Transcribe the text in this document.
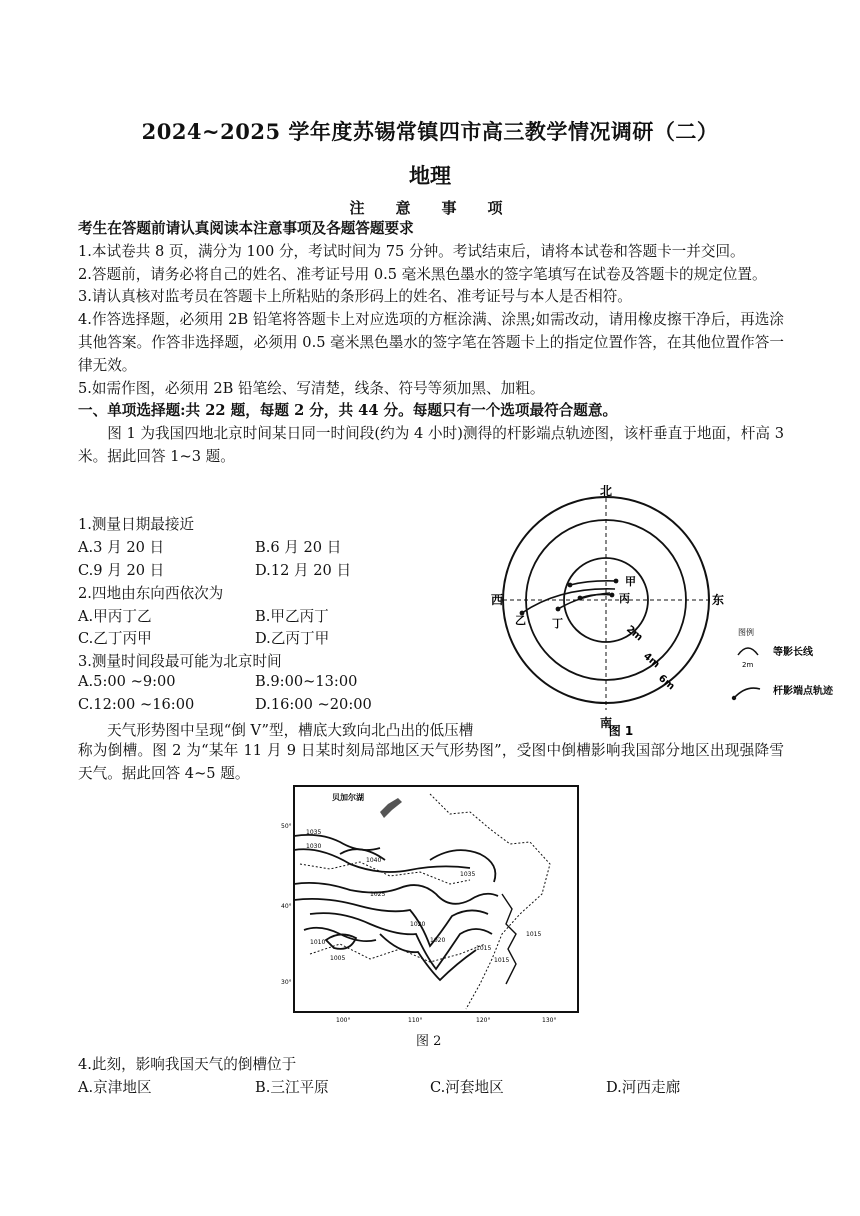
2024~2025 学年度苏锡常镇四市高三教学情况调研（二）
地理
注　意　事　项
考生在答题前请认真阅读本注意事项及各题答题要求
1.本试卷共 8 页，满分为 100 分，考试时间为 75 分钟。考试结束后，请将本试卷和答题卡一并交回。
2.答题前，请务必将自己的姓名、准考证号用 0.5 毫米黑色墨水的签字笔填写在试卷及答题卡的规定位置。
3.请认真核对监考员在答题卡上所粘贴的条形码上的姓名、准考证号与本人是否相符。
4.作答选择题，必须用 2B 铅笔将答题卡上对应选项的方框涂满、涂黑;如需改动，请用橡皮擦干净后，再选涂其他答案。作答非选择题，必须用 0.5 毫米黑色墨水的签字笔在答题卡上的指定位置作答，在其他位置作答一律无效。
5.如需作图，必须用 2B 铅笔绘、写清楚，线条、符号等须加黑、加粗。
一、单项选择题:共 22 题，每题 2 分，共 44 分。每题只有一个选项最符合题意。
图 1 为我国四地北京时间某日同一时间段(约为 4 小时)测得的杆影端点轨迹图，该杆垂直于地面，杆高 3 米。据此回答 1~3 题。
1.测量日期最接近
A.3 月 20 日	B.6 月 20 日
C.9 月 20 日	D.12 月 20 日
2.四地由东向西依次为
A.甲丙丁乙	B.甲乙丙丁
C.乙丁丙甲	D.乙丙丁甲
3.测量时间段最可能为北京时间
A.5:00 ~9:00	B.9:00~13:00
C.12:00 ~16:00	D.16:00 ~20:00
天气形势图中呈现“倒 V”型，槽底大致向北凸出的低压槽
称为倒槽。图 2 为“某年 11 月 9 日某时刻局部地区天气形势图”，受图中倒槽影响我国部分地区出现强降雪天气。据此回答 4~5 题。
北
南
西	东
甲
丙
丁
乙
2m
4m
6m
图例
2m
等影长线
杆影端点轨迹
图 1
贝加尔湖
1035
1030
1040
1035
1025
1020
1015
1010
1005
1015
1020
1015
50°
40°
30°
100°	110°	120°	130°
图 2
4.此刻，影响我国天气的倒槽位于
A.京津地区	B.三江平原	C.河套地区	D.河西走廊
